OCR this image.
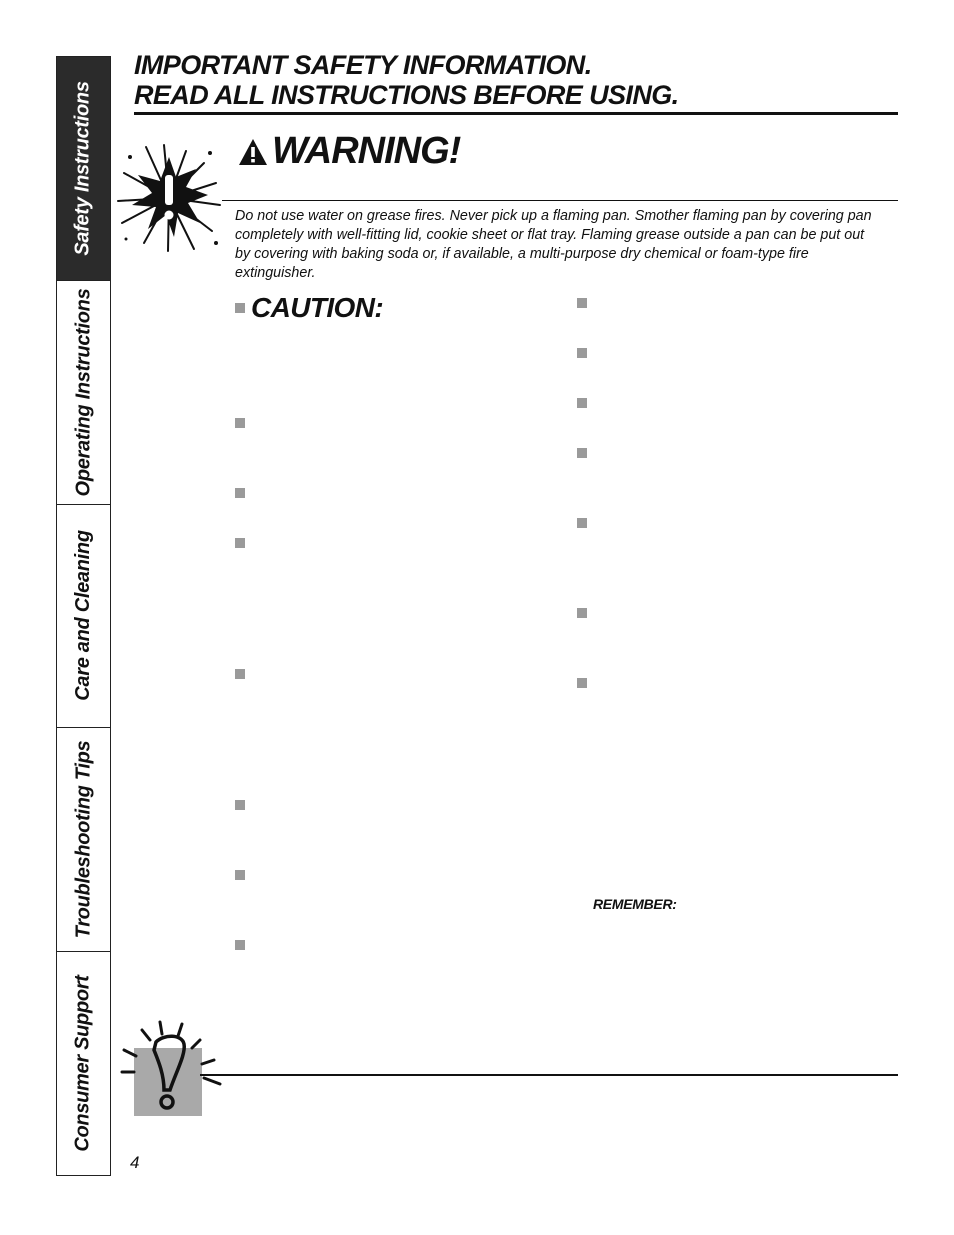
Safety Instructions
Operating Instructions
Care and Cleaning
Troubleshooting Tips
Consumer Support
IMPORTANT SAFETY INFORMATION.
READ ALL INSTRUCTIONS BEFORE USING.
WARNING!
Do not use water on grease fires. Never pick up a flaming pan. Smother flaming pan by covering pan completely with well-fitting lid, cookie sheet or flat tray. Flaming grease outside a pan can be put out by covering with baking soda or, if available, a multi-purpose dry chemical or foam-type fire extinguisher.
CAUTION:
REMEMBER:
4
